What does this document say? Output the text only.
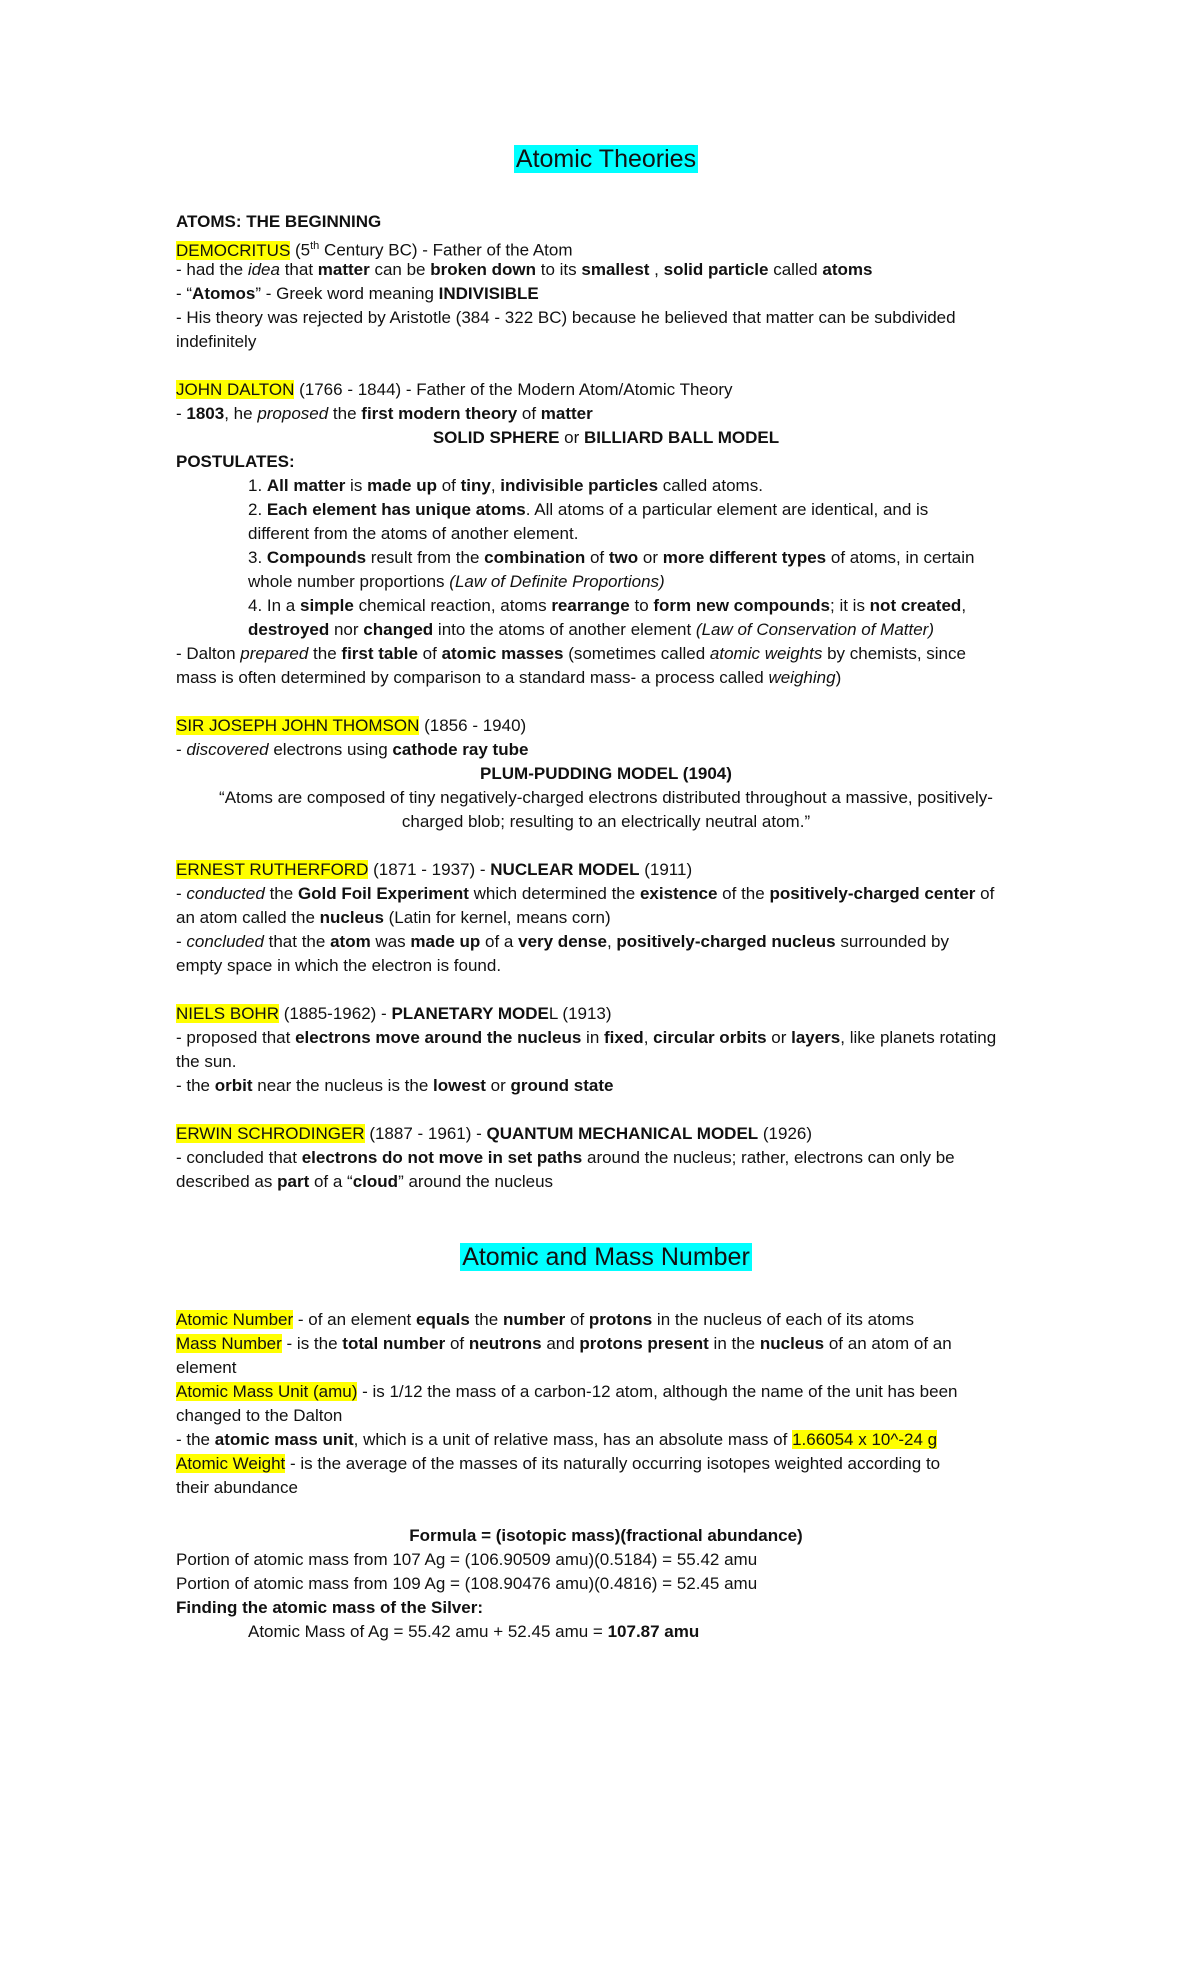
Atomic Theories
ATOMS: THE BEGINNING
DEMOCRITUS (5th Century BC) - Father of the Atom
- had the idea that matter can be broken down to its smallest , solid particle called atoms
- “Atomos” - Greek word meaning INDIVISIBLE
- His theory was rejected by Aristotle (384 - 322 BC) because he believed that matter can be subdivided
indefinitely
JOHN DALTON (1766 - 1844) - Father of the Modern Atom/Atomic Theory
- 1803, he proposed the first modern theory of matter
SOLID SPHERE or BILLIARD BALL MODEL
POSTULATES:
1. All matter is made up of tiny, indivisible particles called atoms.
2. Each element has unique atoms. All atoms of a particular element are identical, and is
different from the atoms of another element.
3. Compounds result from the combination of two or more different types of atoms, in certain
whole number proportions (Law of Definite Proportions)
4. In a simple chemical reaction, atoms rearrange to form new compounds; it is not created,
destroyed nor changed into the atoms of another element (Law of Conservation of Matter)
- Dalton prepared the first table of atomic masses (sometimes called atomic weights by chemists, since
mass is often determined by comparison to a standard mass- a process called weighing)
SIR JOSEPH JOHN THOMSON (1856 - 1940)
- discovered electrons using cathode ray tube
PLUM-PUDDING MODEL (1904)
“Atoms are composed of tiny negatively-charged electrons distributed throughout a massive, positively-
charged blob; resulting to an electrically neutral atom.”
ERNEST RUTHERFORD (1871 - 1937) - NUCLEAR MODEL (1911)
- conducted the Gold Foil Experiment which determined the existence of the positively-charged center of
an atom called the nucleus (Latin for kernel, means corn)
- concluded that the atom was made up of a very dense, positively-charged nucleus surrounded by
empty space in which the electron is found.
NIELS BOHR (1885-1962) - PLANETARY MODEL (1913)
- proposed that electrons move around the nucleus in fixed, circular orbits or layers, like planets rotating
the sun.
- the orbit near the nucleus is the lowest or ground state
ERWIN SCHRODINGER (1887 - 1961) - QUANTUM MECHANICAL MODEL (1926)
- concluded that electrons do not move in set paths around the nucleus; rather, electrons can only be
described as part of a “cloud” around the nucleus
Atomic and Mass Number
Atomic Number - of an element equals the number of protons in the nucleus of each of its atoms
Mass Number - is the total number of neutrons and protons present in the nucleus of an atom of an
element
Atomic Mass Unit (amu) - is 1/12 the mass of a carbon-12 atom, although the name of the unit has been
changed to the Dalton
- the atomic mass unit, which is a unit of relative mass, has an absolute mass of 1.66054 x 10^-24 g
Atomic Weight - is the average of the masses of its naturally occurring isotopes weighted according to
their abundance
Formula = (isotopic mass)(fractional abundance)
Portion of atomic mass from 107 Ag = (106.90509 amu)(0.5184) = 55.42 amu
Portion of atomic mass from 109 Ag = (108.90476 amu)(0.4816) = 52.45 amu
Finding the atomic mass of the Silver:
Atomic Mass of Ag = 55.42 amu + 52.45 amu = 107.87 amu
